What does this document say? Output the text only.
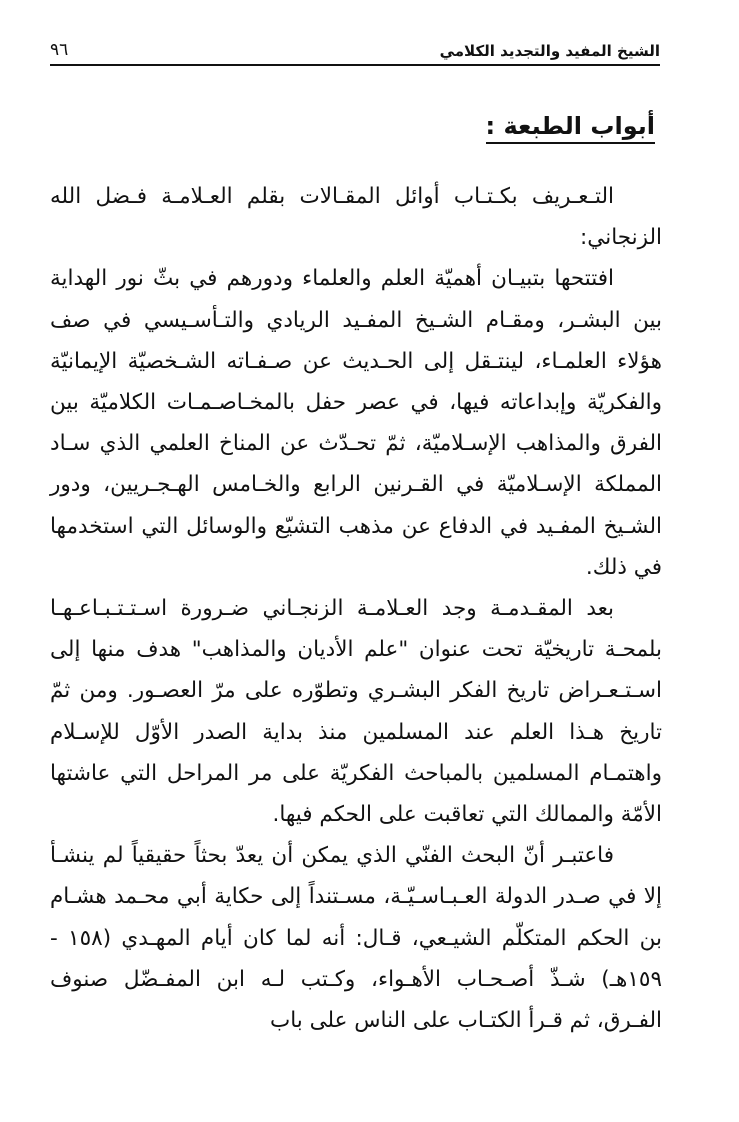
الشيخ المفيد والتجديد الكلامي
٩٦
أبواب الطبعة :

التـعـريف بكـتـاب أوائل المقـالات بقلم العـلامـة فـضل الله الزنجاني:

افتتحها بتبيـان أهميّة العلم والعلماء ودورهم في بثّ نور الهداية بين البشـر، ومقـام الشـيخ المفـيد الريادي والتـأسـيسي في صف هؤلاء العلمـاء، لينتـقل إلى الحـديث عن صـفـاته الشـخصيّة الإيمانيّة والفكريّة وإبداعاته فيها، في عصر حفل بالمخـاصـمـات الكلاميّة بين الفرق والمذاهب الإسـلاميّة، ثمّ تحـدّث عن المناخ العلمي الذي سـاد المملكة الإسـلاميّة في القـرنين الرابع والخـامس الهـجـريين، ودور الشـيخ المفـيد في الدفاع عن مذهب التشيّع والوسائل التي استخدمها في ذلك.

بعد المقـدمـة وجد العـلامـة الزنجـاني ضـرورة اسـتـتـبـاعـهـا بلمحـة تاريخيّة تحت عنوان "علم الأديان والمذاهب" هدف منها إلى اسـتـعـراض تاريخ الفكر البشـري وتطوّره على مرّ العصـور. ومن ثمّ تاريخ هـذا العلم عند المسلمين منذ بداية الصدر الأوّل للإسـلام واهتمـام المسلمين بالمباحث الفكريّة على مر المراحل التي عاشتها الأمّة والممالك التي تعاقبت على الحكم فيها.

فاعتبـر أنّ البحث الفنّي الذي يمكن أن يعدّ بحثاً حقيقياً لم ينشـأ إلا في صـدر الدولة العـبـاسـيّـة، مسـتنداً إلى حكاية أبي محـمد هشـام بن الحكم المتكلّم الشيـعي، قـال: أنه لما كان أيام المهـدي (١٥٨ - ١٥٩هـ) شـذّ أصـحـاب الأهـواء، وكـتب لـه ابن المفـضّل صنوف الفـرق، ثم قـرأ الكتـاب على الناس على باب
